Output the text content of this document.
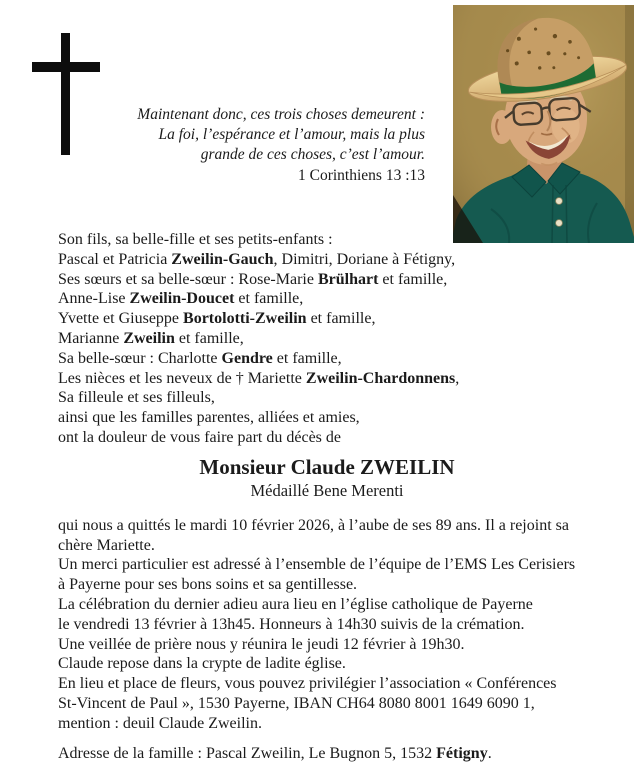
Maintenant donc, ces trois choses demeurent :
La foi, l’espérance et l’amour, mais la plus
grande de ces choses, c’est l’amour.
1 Corinthiens 13 :13
Son fils, sa belle-fille et ses petits-enfants :
Pascal et Patricia Zweilin-Gauch, Dimitri, Doriane à Fétigny,
Ses sœurs et sa belle-sœur : Rose-Marie Brülhart et famille,
Anne-Lise Zweilin-Doucet et famille,
Yvette et Giuseppe Bortolotti-Zweilin et famille,
Marianne Zweilin et famille,
Sa belle-sœur : Charlotte Gendre et famille,
Les nièces et les neveux de † Mariette Zweilin-Chardonnens,
Sa filleule et ses filleuls,
ainsi que les familles parentes, alliées et amies,
ont la douleur de vous faire part du décès de
Monsieur Claude ZWEILIN
Médaillé Bene Merenti
qui nous a quittés le mardi 10 février 2026, à l’aube de ses 89 ans. Il a rejoint sa
chère Mariette.
Un merci particulier est adressé à l’ensemble de l’équipe de l’EMS Les Cerisiers
à Payerne pour ses bons soins et sa gentillesse.
La célébration du dernier adieu aura lieu en l’église catholique de Payerne
le vendredi 13 février à 13h45. Honneurs à 14h30 suivis de la crémation.
Une veillée de prière nous y réunira le jeudi 12 février à 19h30.
Claude repose dans la crypte de ladite église.
En lieu et place de fleurs, vous pouvez privilégier l’association « Conférences
St-Vincent de Paul », 1530 Payerne, IBAN CH64 8080 8001 1649 6090 1,
mention : deuil Claude Zweilin.
Adresse de la famille : Pascal Zweilin, Le Bugnon 5, 1532 Fétigny.
